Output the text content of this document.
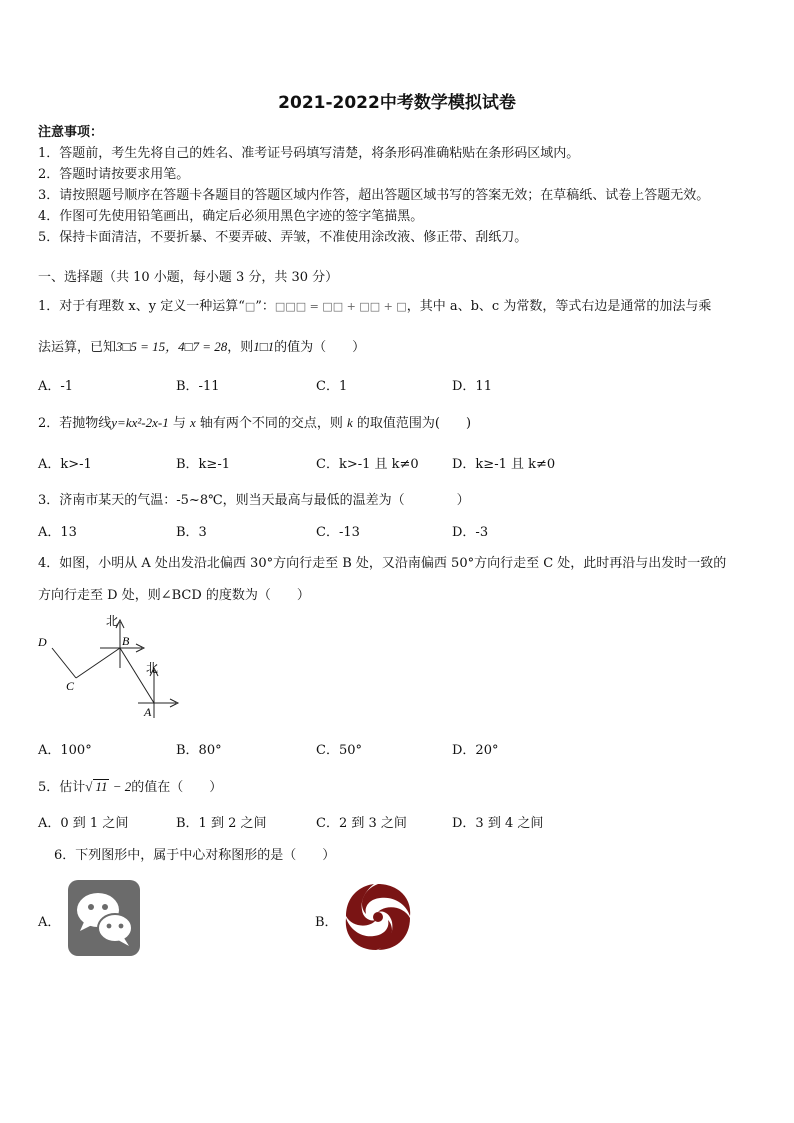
2021-2022中考数学模拟试卷
注意事项：
1．答题前，考生先将自己的姓名、准考证号码填写清楚，将条形码准确粘贴在条形码区域内。
2．答题时请按要求用笔。
3．请按照题号顺序在答题卡各题目的答题区域内作答，超出答题区域书写的答案无效；在草稿纸、试卷上答题无效。
4．作图可先使用铅笔画出，确定后必须用黑色字迹的签字笔描黑。
5．保持卡面清洁，不要折暴、不要弄破、弄皱，不准使用涂改液、修正带、刮纸刀。
一、选择题（共 10 小题，每小题 3 分，共 30 分）
1．对于有理数 x、y 定义一种运算“□”：□□□ = □□ + □□ + □，其中 a、b、c 为常数，等式右边是通常的加法与乘
法运算，已知3□5 = 15，4□7 = 28，则1□1的值为（　　）
A．-1	B．-11	C．1	D．11
2．若抛物线y=kx²-2x-1 与 x 轴有两个不同的交点，则 k 的取值范围为(　　)
A．k>-1	B．k≥-1	C．k>-1 且 k≠0	D．k≥-1 且 k≠0
3．济南市某天的气温：-5~8℃，则当天最高与最低的温差为（　　　　）
A．13	B．3	C．-13	D．-3
4．如图，小明从 A 处出发沿北偏西 30°方向行走至 B 处，又沿南偏西 50°方向行走至 C 处，此时再沿与出发时一致的
方向行走至 D 处，则∠BCD 的度数为（　　）
北
北
B
A
C
D
A．100°	B．80°	C．50°	D．20°
5．估计√ 11 − 2的值在（　　）
A．0 到 1 之间	B．1 到 2 之间	C．2 到 3 之间	D．3 到 4 之间
6．下列图形中，属于中心对称图形的是（　　）
A．	B．
